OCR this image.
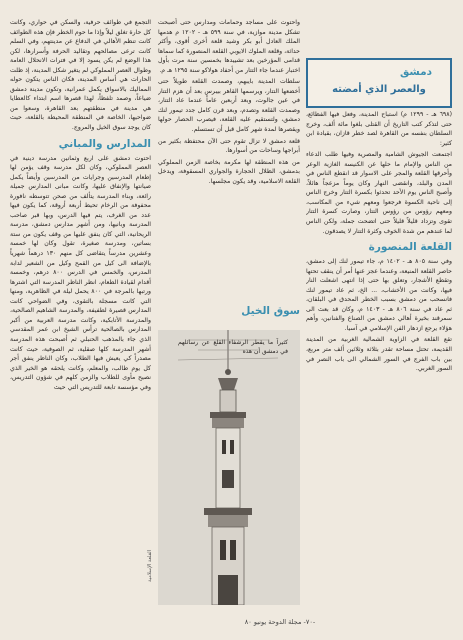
دمشق
والعصر الذي أمضته

(٦٩٨ هـ - ١٢٩٩ م) استباح المدينة، وفعل فيها الفظائع، حتى لتذكر كتب التاريخ أن القتلى بلغوا مائة ألف، وخرج السلطان بنفسه من القاهرة لصد خطر قازان، بقيادة ابن كثير:

اجتمعت الجيوش الشامية والمصرية وفيها طلب الدعاء من الناس والإمام ما حلها عن الكنيسة الغازية الوعر وأحرقها القلعة والمجر على الاسوار قد انقطع الناس في المدن والبلد، وانقضى النهار وكان يوماً مزعجاً هائلاً، وأصبح الناس يوم الأحد تحدثوا بكسرة التتار وخرج الناس إلى ناحية الكسوة فرجعوا ومعهم شيء من المكاسب، ومعهم رؤوس من رؤوس التتار، وصارت كسرة التتار تقوى وتزداد قليلاً قليلاً حتى اتضحت جملة، ولكن الناس لما عندهم من شدة الخوف وكثرة التتار لا يصدقون.

القلعة المنصورة

وفي سنة ٨٠٥ هـ - ١٤٠٢ م، جاء تيمور لنك إلى دمشق، حاصر القلعة المنيعة، وعندما عجز عنها أمر أن ينقف تحتها وتقطع الأشجار، وتعلق بها حتى إذا انتهى اشعلت النار فيها، وكانت من الأخشاب، ... الخ، ثم عاد تيمور لنك فانسحب من دمشق بسبب الخطر المحدق في البلقان، ثم عاد في سنة ٨٠٦ هـ - ١٤٠٣ م، وكان قد بعث الى سمرقند بخيرة أهالي دمشق من الصناع والفنانين، وأهم هؤلاء يرجع ازدهار الفن الإسلامي في آسيا.

تقع القلعة في الزاوية الشمالية الغربية من المدينة القديمة، تحتل مساحة تقدر بثلاثة وثلاثين ألف متر مربع، بين باب الفرج في السور الشمالي الى باب النصر في السور الغربي.

واحتوت على مساجد وحمامات ومدارس حتى أصبحت تشكل مدينة موازية، في سنة ٥٩٩ هـ - ١٢٠٢ م هدمها الملك العادل أبو بكر وشيد قلعة أخرى أقوى، وأكثر حداثة، وقلعة الملوك الايوبي القلعة المنصورة كما سماها قدامى المؤرخين بعد تشييدها بخمسين سنة مرت بأول اختبار عندما جاء التتار من أحفاد هولاكو سنة ١٢٩٥ هـ م.

سلطات المدينة بايبهم، وصمدت القلعة طويلاً حتى أخضعها التتار، ويرسمها القاهر بيبرس بعد أن هزم التتار في عين جالوت، وبعد أربعين عاماً عندما عاد التتار، وصمدت القلعة وتصدم، وبعد قرن كامل جدد تيمور لنك دمشق، ولتستقيم عليه القلعة، فيصرب الحصار حولها ويقصرها لمدة شهر كامل قبل أن تستسلم.

قلعة دمشق لا تزال تقوم حتى الآن محتفظة بكثير من أبراجها وساحات من أسوارها.

من هذه المنطقة لها مكرمة بخاصة الزمن المملوكي بدمشق، الظلال الحجارة والجواري المسقوفة، ويدخل القلعة الاسلامية، وقد يكون مجلسها.

سوق الخيل

كثيراً ما يقطر الرشفاء القلع عن رسائلهم في دمشق أن هذه

القلعة الإسلامية

التجمع في طوائف حرفية، والسكن في حواري، وكانت كل حارة تغلق ليلاً وإذا ما حوم الخطر فإن هذه الطوائف كانت تنظم الأهالي في الدفاع عن مدينتهم، وفي السلم كانت ترعى مصالحهم وتقاليد الحرفة وأسرارها، لكن هذا الوضع لم يكن يسود إلا في فترات الانحلال العامة وطوال العصر المملوكي لم يتغير شكل المدينة، إذ ظلت الحارات هي أساس المدينة، فكان الناس يتكون حوله المماليك بالاسواق يكمل عمرانية، وتكون مدينة دمشق ضياعاً، وصمد تلفظاً، لهذا قصرها اسم ابتداء كالعطايا هي مدينة في منطقتهم بعد القاهرة، وسعوا من ضواحيها، الخاصة في المنطقة المحيطة بالقلعة، حيث كان يوجد سوق الخيل والمروج.

المدارس والمباني

احتوت دمشق على اربع وثمانين مدرسة دينية في العصر المملوكي، وكان لكل مدرسة وقف يؤمن لها إطعام المدرسين وجرايات من المدرسين وأيضاً يكمل صيانتها والإنفاق عليها، وكانت مبانى المدارس جميلة رائعة، وبناء المدرسة يتألف من صحن تتوسطه نافورة محفوفة من الرخام تحيط أربعة أروقة، كما يكون فيها عدد من الغرف، يتم فيها الدرس، وبها قبر صاحب المدرسة وبانيها، ومن أشهر مدارس دمشق، مدرسة الريحانية، التي كان ينفق عليها من وقف يكون من ستة بساتين، ومدرسة صغيرة، تقول وكان لها خمسة وعشرين مدرساً يتقاضى كل منهم ١٣٠ درهماً شهرياً بالإضافة الى كيل من القمح وكيل من الشعير لدابة المدرس، والخمس في الدرس ٨٠٠ درهم، وخمسة أقدام لقيادة الطعام، انظر الناظر المدرسة التي اشترها ورتبها بالمرجة في ٨٠٠ يحمل ليلة في الظاهرية، ومنها التي كانت مسجلة بالتقوى، وفي الضواحي كانت المدارس قصيرة لطفيفة، والمدرسة الشاهيم الصالحية، والمدرسة الأتابكية، وكانت مدرسة العربية من أكبر المدارس بالصالحية ترأس الشيخ ابن عمر المقدسي الذي جاء بالمذهب الحنبلي ثم أصبحت هذه المدرسة أشهر المدرسة كلها صقلية، ثم الصوفية، حيث كانت مصدراً كي يعيش فيها الطلاب، وكان الناظر ينفق أجر كل يوم طالب، والمعلم، وكانت يلحقه هو الخير الذي نصيح مأوى للطلاب والزمن كلهم في شؤون التدريس، وفي مؤسسة تابعة للتدريس التي حيث

-٧٠- مجلة الدوحة يونيو ٨٠
